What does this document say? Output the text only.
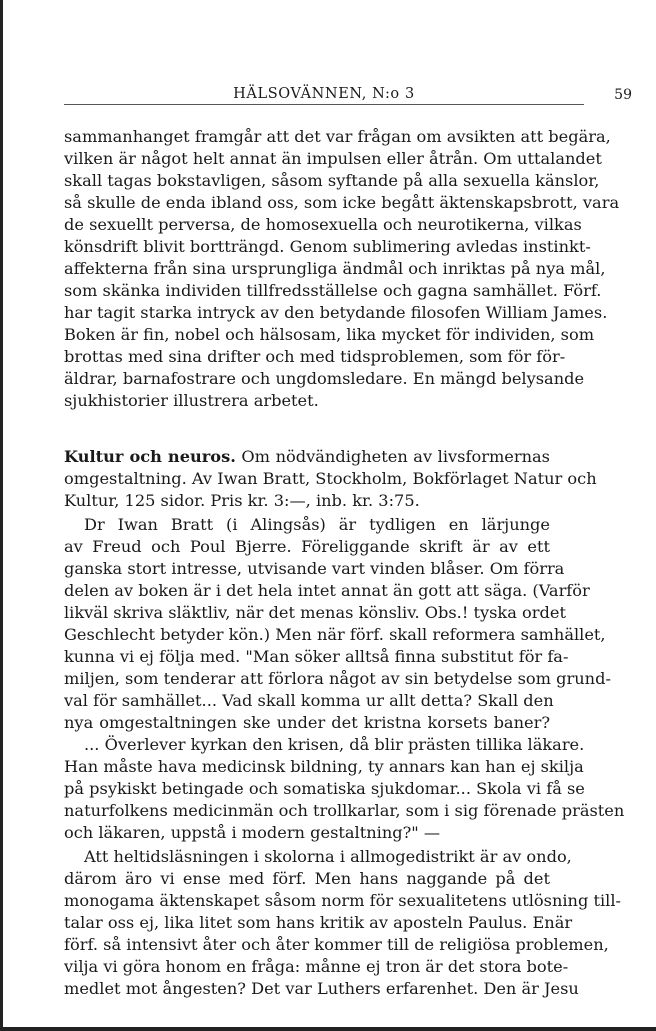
HÄLSOVÄNNEN, N:o 3	59
sammanhanget framgår att det var frågan om avsikten att begära,
vilken är något helt annat än impulsen eller åtrån. Om uttalandet
skall tagas bokstavligen, såsom syftande på alla sexuella känslor,
så skulle de enda ibland oss, som icke begått äktenskapsbrott, vara
de sexuellt perversa, de homosexuella och neurotikerna, vilkas
könsdrift blivit bortträngd. Genom sublimering avledas instinkt-
affekterna från sina ursprungliga ändmål och inriktas på nya mål,
som skänka individen tillfredsställelse och gagna samhället. Förf.
har tagit starka intryck av den betydande filosofen William James.
Boken är fin, nobel och hälsosam, lika mycket för individen, som
brottas med sina drifter och med tidsproblemen, som för för-
äldrar, barnafostrare och ungdomsledare. En mängd belysande
sjukhistorier illustrera arbetet.
Kultur och neuros. Om nödvändigheten av livsformernas
omgestaltning. Av Iwan Bratt, Stockholm, Bokförlaget Natur och
Kultur, 125 sidor. Pris kr. 3:—, inb. kr. 3:75.
Dr Iwan Bratt (i Alingsås) är tydligen en lärjunge
av Freud och Poul Bjerre. Föreliggande skrift är av ett
ganska stort intresse, utvisande vart vinden blåser. Om förra
delen av boken är i det hela intet annat än gott att säga. (Varför
likväl skriva släktliv, när det menas könsliv. Obs.! tyska ordet
Geschlecht betyder kön.) Men när förf. skall reformera samhället,
kunna vi ej följa med. "Man söker alltså finna substitut för fa-
miljen, som tenderar att förlora något av sin betydelse som grund-
val för samhället... Vad skall komma ur allt detta? Skall den
nya omgestaltningen ske under det kristna korsets baner?
... Överlever kyrkan den krisen, då blir prästen tillika läkare.
Han måste hava medicinsk bildning, ty annars kan han ej skilja
på psykiskt betingade och somatiska sjukdomar... Skola vi få se
naturfolkens medicinmän och trollkarlar, som i sig förenade prästen
och läkaren, uppstå i modern gestaltning?" —
Att heltidsläsningen i skolorna i allmogedistrikt är av ondo,
därom äro vi ense med förf. Men hans naggande på det
monogama äktenskapet såsom norm för sexualitetens utlösning till-
talar oss ej, lika litet som hans kritik av aposteln Paulus. Enär
förf. så intensivt åter och åter kommer till de religiösa problemen,
vilja vi göra honom en fråga: månne ej tron är det stora bote-
medlet mot ångesten? Det var Luthers erfarenhet. Den är Jesu
